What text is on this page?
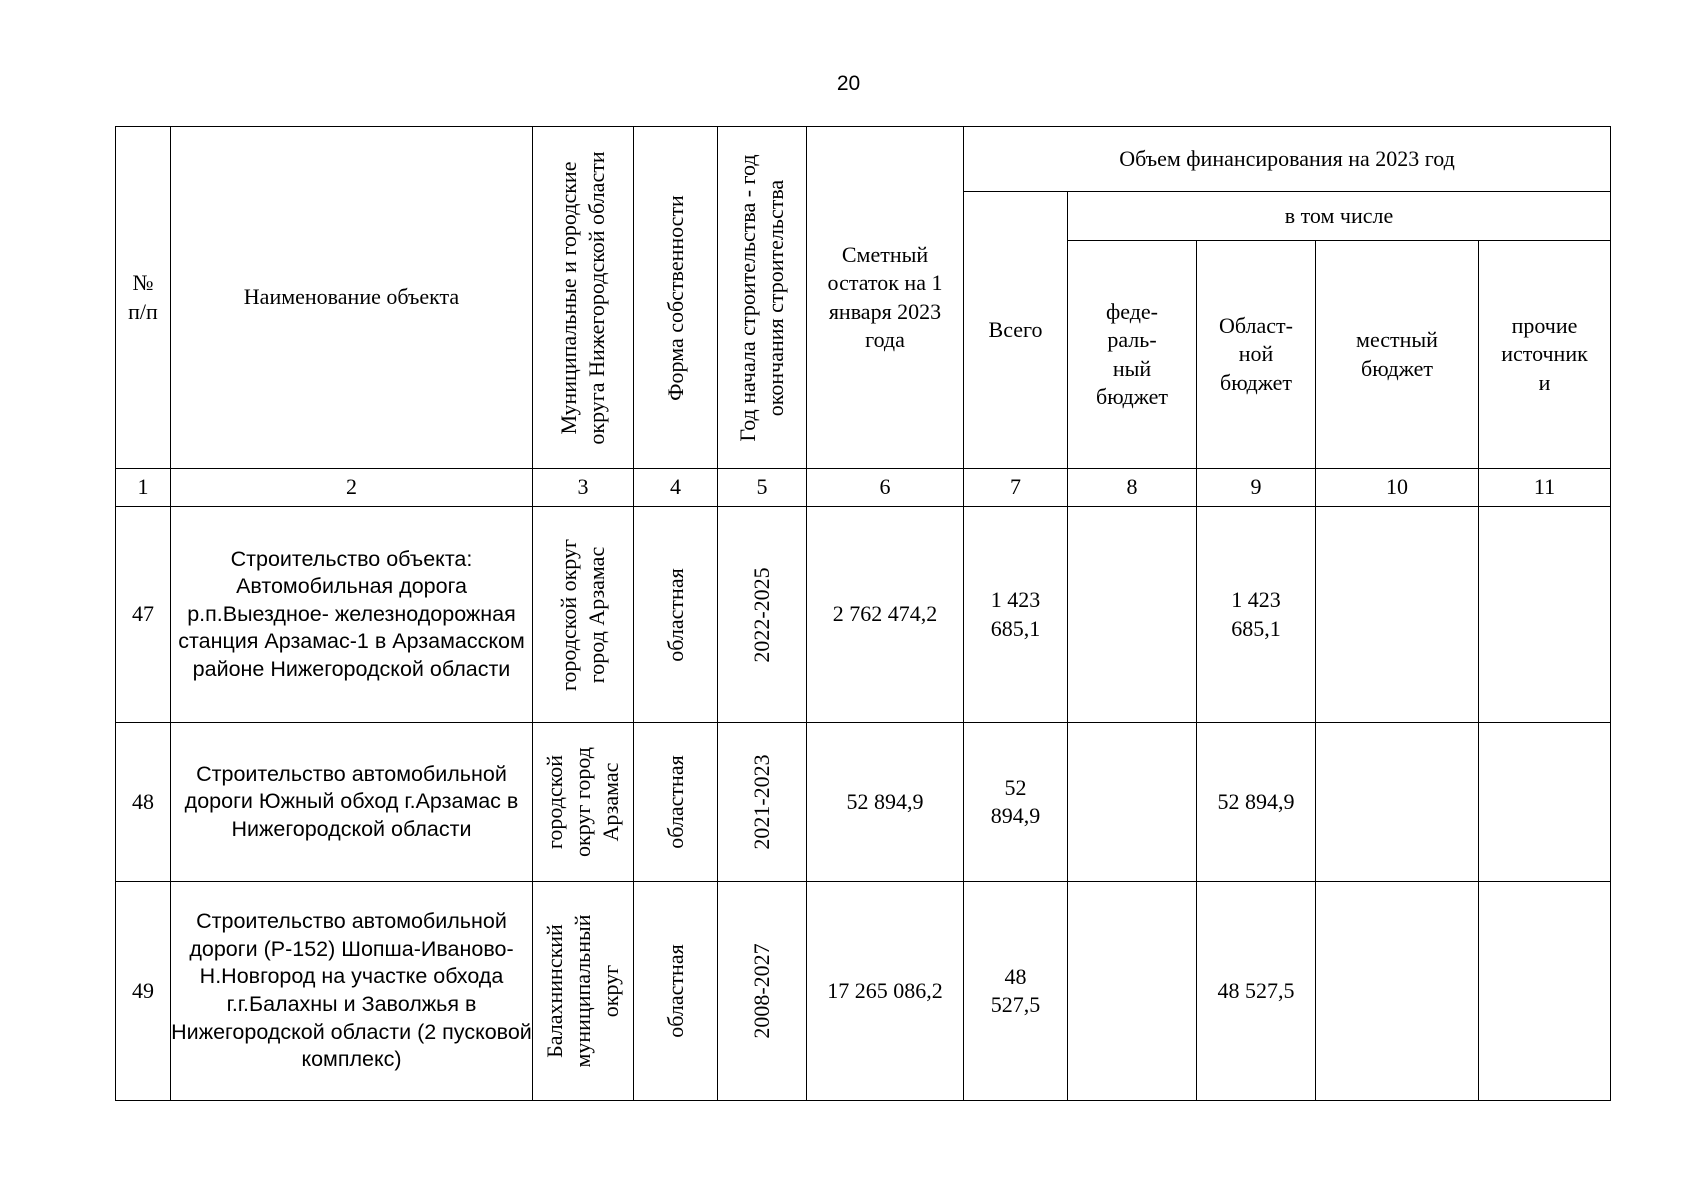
20
№ п/п	Наименование объекта	Муниципальные и городские округа Нижегородской области	Форма собственности	Год начала строительства - год окончания строительства	Сметный остаток на 1 января 2023 года	Объем финансирования на 2023 год				
						Всего	в том числе			
							феде-раль-ный бюджет	Област-ной бюджет	местный бюджет	прочие источник и
1	2	3	4	5	6	7	8	9	10	11
47	Строительство объекта: Автомобильная дорога р.п.Выездное- железнодорожная станция Арзамас-1 в Арзамасском районе Нижегородской области	городской округ город Арзамас	областная	2022-2025	2 762 474,2	1 423 685,1		1 423 685,1		
48	Строительство автомобильной дороги Южный обход г.Арзамас в Нижегородской области	городской округ город Арзамас	областная	2021-2023	52 894,9	52 894,9		52 894,9		
49	Строительство автомобильной дороги (Р-152) Шопша-Иваново-Н.Новгород на участке обхода г.г.Балахны и Заволжья в Нижегородской области (2 пусковой комплекс)	Балахнинский муниципальный округ	областная	2008-2027	17 265 086,2	48 527,5		48 527,5		
